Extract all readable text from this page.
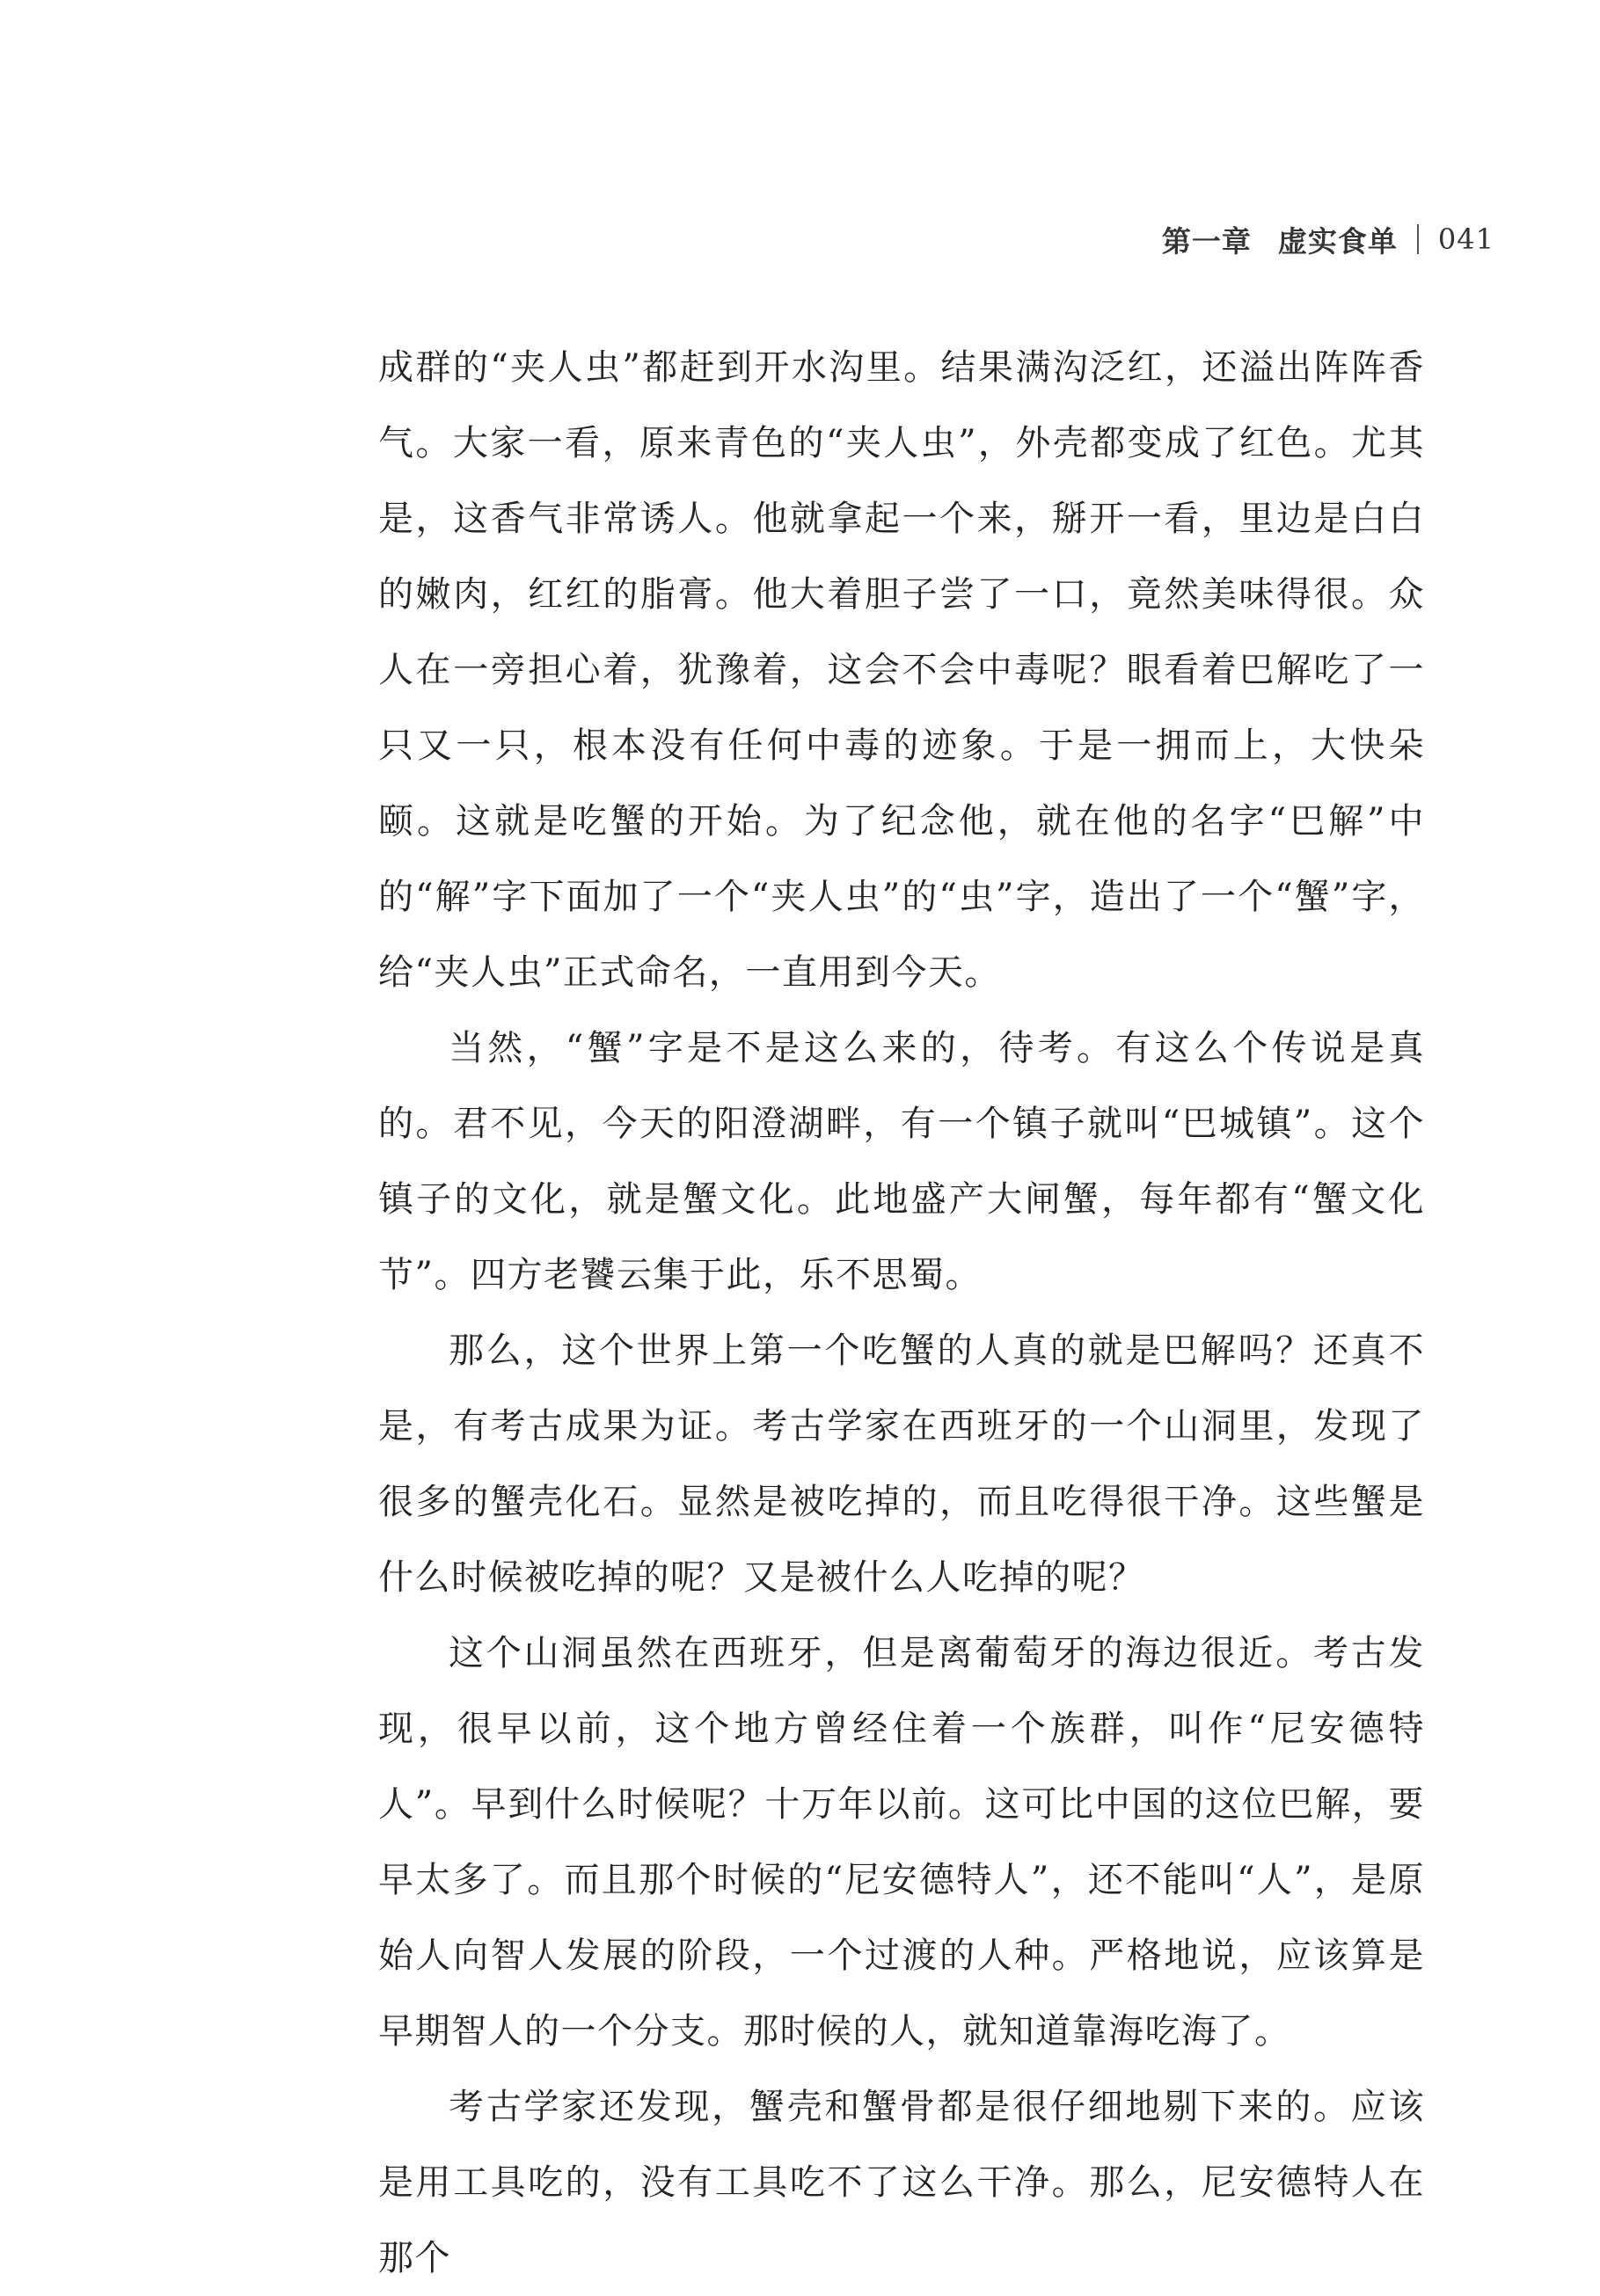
第一章 虚实食单 041

成群的“夹人虫”都赶到开水沟里。结果满沟泛红，还溢出阵阵香气。大家一看，原来青色的“夹人虫”，外壳都变成了红色。尤其是，这香气非常诱人。他就拿起一个来，掰开一看，里边是白白的嫩肉，红红的脂膏。他大着胆子尝了一口，竟然美味得很。众人在一旁担心着，犹豫着，这会不会中毒呢？眼看着巴解吃了一只又一只，根本没有任何中毒的迹象。于是一拥而上，大快朵颐。这就是吃蟹的开始。为了纪念他，就在他的名字“巴解”中的“解”字下面加了一个“夹人虫”的“虫”字，造出了一个“蟹”字，给“夹人虫”正式命名，一直用到今天。

当然，“蟹”字是不是这么来的，待考。有这么个传说是真的。君不见，今天的阳澄湖畔，有一个镇子就叫“巴城镇”。这个镇子的文化，就是蟹文化。此地盛产大闸蟹，每年都有“蟹文化节”。四方老饕云集于此，乐不思蜀。

那么，这个世界上第一个吃蟹的人真的就是巴解吗？还真不是，有考古成果为证。考古学家在西班牙的一个山洞里，发现了很多的蟹壳化石。显然是被吃掉的，而且吃得很干净。这些蟹是什么时候被吃掉的呢？又是被什么人吃掉的呢？

这个山洞虽然在西班牙，但是离葡萄牙的海边很近。考古发现，很早以前，这个地方曾经住着一个族群，叫作“尼安德特人”。早到什么时候呢？十万年以前。这可比中国的这位巴解，要早太多了。而且那个时候的“尼安德特人”，还不能叫“人”，是原始人向智人发展的阶段，一个过渡的人种。严格地说，应该算是早期智人的一个分支。那时候的人，就知道靠海吃海了。

考古学家还发现，蟹壳和蟹骨都是很仔细地剔下来的。应该是用工具吃的，没有工具吃不了这么干净。那么，尼安德特人在那个
